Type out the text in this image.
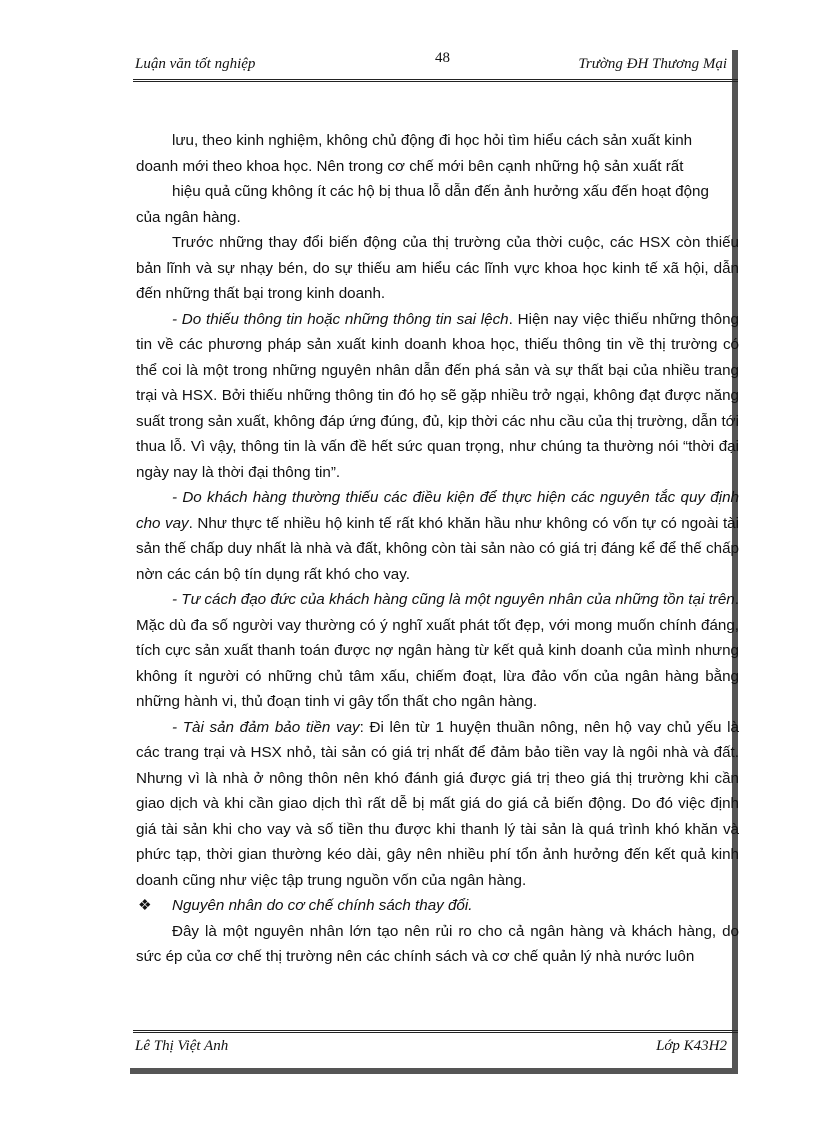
Luận văn tốt nghiệp	48	Trường ĐH Thương Mại

lưu, theo kinh nghiệm, không chủ động đi học hỏi tìm hiểu cách sản xuất kinh

doanh mới theo khoa học. Nên trong cơ chế mới bên cạnh những hộ sản xuất rất

hiệu quả cũng không ít các hộ bị thua lỗ dẫn đến ảnh hưởng xấu đến hoạt động

của ngân hàng.

Trước những thay đổi biến động của thị trường của thời cuộc, các HSX còn thiếu bản lĩnh và sự nhạy bén, do sự thiếu am hiểu các lĩnh vực khoa học kinh tế xã hội, dẫn đến những thất bại trong kinh doanh.

- Do thiếu thông tin hoặc những thông tin sai lệch. Hiện nay việc thiếu những thông tin về các phương pháp sản xuất kinh doanh khoa học, thiếu thông tin về thị trường có thể coi là một trong những nguyên nhân dẫn đến phá sản và sự thất bại của nhiều trang trại và HSX. Bởi thiếu những thông tin đó họ sẽ gặp nhiều trở ngại, không đạt được năng suất trong sản xuất, không đáp ứng đúng, đủ, kịp thời các nhu cầu của thị trường, dẫn tới thua lỗ. Vì vậy, thông tin là vấn đề hết sức quan trọng, như chúng ta thường nói “thời đại ngày nay là thời đại thông tin”.

- Do khách hàng thường thiếu các điều kiện để thực hiện các nguyên tắc quy định cho vay. Như thực tế nhiều hộ kinh tế rất khó khăn hầu như không có vốn tự có ngoài tài sản thế chấp duy nhất là nhà và đất, không còn tài sản nào có giá trị đáng kể để thế chấp nờn các cán bộ tín dụng rất khó cho vay.

- Tư cách đạo đức của khách hàng cũng là một nguyên nhân của những tồn tại trên. Mặc dù đa số người vay thường có ý nghĩ xuất phát tốt đẹp, với mong muốn chính đáng, tích cực sản xuất thanh toán được nợ ngân hàng từ kết quả kinh doanh của mình nhưng không ít người có những chủ tâm xấu, chiếm đoạt, lừa đảo vốn của ngân hàng bằng những hành vi, thủ đoạn tinh vi gây tổn thất cho ngân hàng.

- Tài sản đảm bảo tiền vay: Đi lên từ 1 huyện thuần nông, nên hộ vay chủ yếu là các trang trại và HSX nhỏ, tài sản có giá trị nhất để đảm bảo tiền vay là ngôi nhà và đất. Nhưng vì là nhà ở nông thôn nên khó đánh giá được giá trị theo giá thị trường khi cần giao dịch và khi cần giao dịch thì rất dễ bị mất giá do giá cả biến động. Do đó việc định giá tài sản khi cho vay và số tiền thu được khi thanh lý tài sản là quá trình khó khăn và phức tạp, thời gian thường kéo dài, gây nên nhiều phí tổn ảnh hưởng đến kết quả kinh doanh cũng như việc tập trung nguồn vốn của ngân hàng.

❖ Nguyên nhân do cơ chế chính sách thay đổi.

Đây là một nguyên nhân lớn tạo nên rủi ro cho cả ngân hàng và khách hàng, do sức ép của cơ chế thị trường nên các chính sách và cơ chế quản lý nhà nước luôn

Lê Thị Việt Anh	Lớp K43H2
